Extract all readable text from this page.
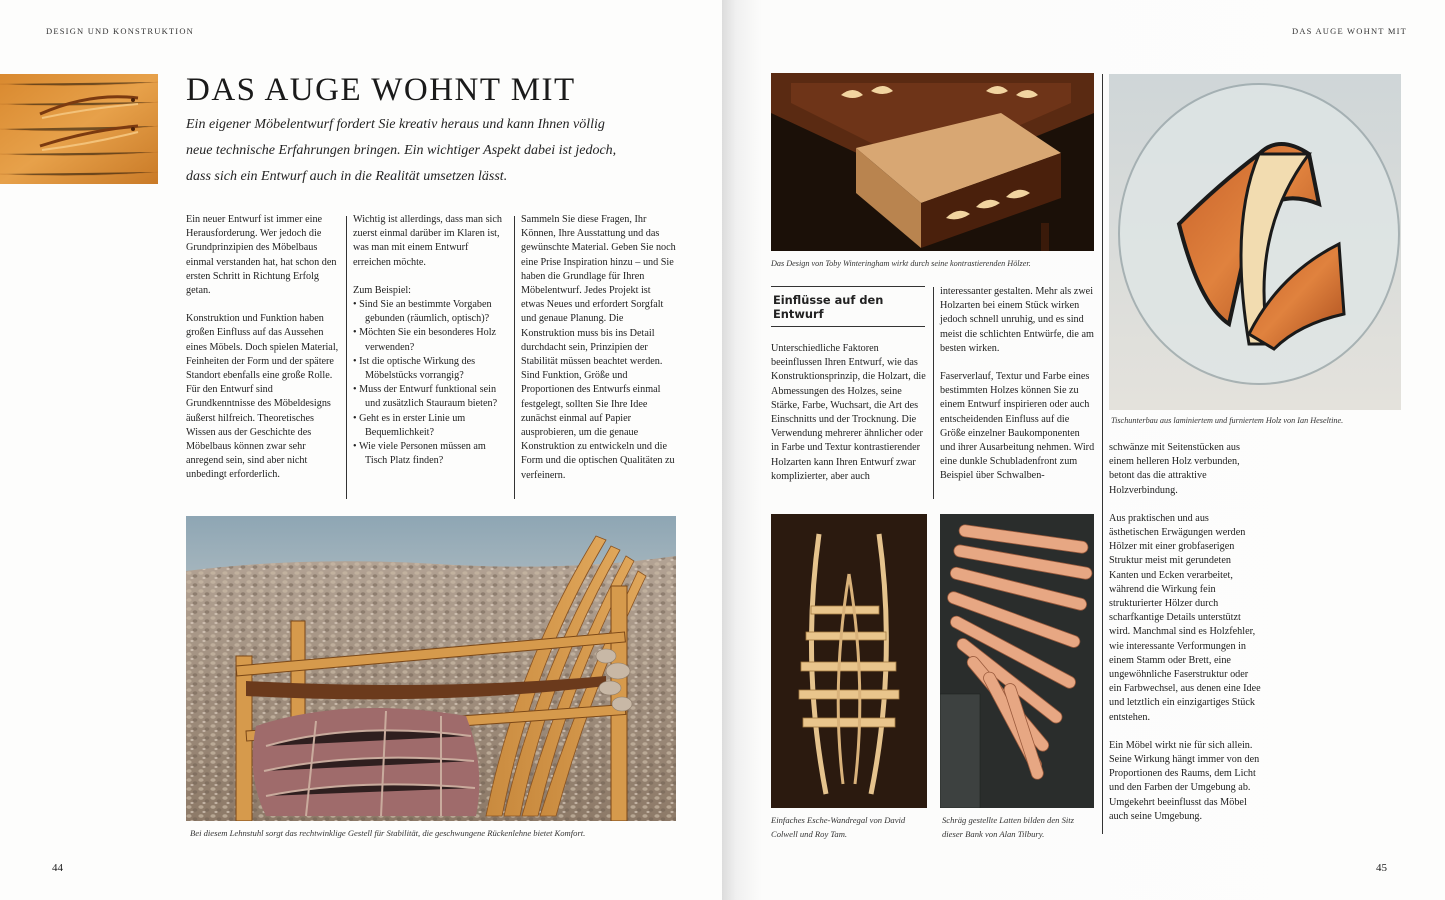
DESIGN UND KONSTRUKTION
DAS AUGE WOHNT MIT
Ein eigener Möbelentwurf fordert Sie kreativ heraus und kann Ihnen völlig
neue technische Erfahrungen bringen. Ein wichtiger Aspekt dabei ist jedoch,
dass sich ein Entwurf auch in die Realität umsetzen lässt.

Ein neuer Entwurf ist immer eine Herausforderung. Wer jedoch die Grundprinzipien des Möbelbaus einmal verstanden hat, hat schon den ersten Schritt in Richtung Erfolg getan.

Konstruktion und Funktion haben großen Einfluss auf das Aussehen eines Möbels. Doch spielen Material, Feinheiten der Form und der spätere Standort ebenfalls eine große Rolle. Für den Entwurf sind Grundkenntnisse des Möbeldesigns äußerst hilfreich. Theoretisches Wissen aus der Geschichte des Möbelbaus können zwar sehr anregend sein, sind aber nicht unbedingt erforderlich.

Wichtig ist allerdings, dass man sich zuerst einmal darüber im Klaren ist, was man mit einem Entwurf erreichen möchte.

Zum Beispiel:
• Sind Sie an bestimmte Vorgaben gebunden (räumlich, optisch)?
• Möchten Sie ein besonderes Holz verwenden?
• Ist die optische Wirkung des Möbelstücks vorrangig?
• Muss der Entwurf funktional sein und zusätzlich Stauraum bieten?
• Geht es in erster Linie um Bequemlichkeit?
• Wie viele Personen müssen am Tisch Platz finden?

Sammeln Sie diese Fragen, Ihr Können, Ihre Ausstattung und das gewünschte Material. Geben Sie noch eine Prise Inspiration hinzu – und Sie haben die Grundlage für Ihren Möbelentwurf. Jedes Projekt ist etwas Neues und erfordert Sorgfalt und genaue Planung. Die Konstruktion muss bis ins Detail durchdacht sein, Prinzipien der Stabilität müssen beachtet werden. Sind Funktion, Größe und Proportionen des Entwurfs einmal festgelegt, sollten Sie Ihre Idee zunächst einmal auf Papier ausprobieren, um die genaue Konstruktion zu entwickeln und die Form und die optischen Qualitäten zu verfeinern.

Bei diesem Lehnstuhl sorgt das rechtwinklige Gestell für Stabilität, die geschwungene Rückenlehne bietet Komfort.
44
DAS AUGE WOHNT MIT
Das Design von Toby Winteringham wirkt durch seine kontrastierenden Hölzer.
Tischunterbau aus laminiertem und furniertem Holz von Ian Heseltine.
Einflüsse auf den Entwurf

Unterschiedliche Faktoren beeinflussen Ihren Entwurf, wie das Konstruktionsprinzip, die Holzart, die Abmessungen des Holzes, seine Stärke, Farbe, Wuchsart, die Art des Einschnitts und der Trocknung. Die Verwendung mehrerer ähnlicher oder in Farbe und Textur kontrastierender Holzarten kann Ihren Entwurf zwar komplizierter, aber auch

interessanter gestalten. Mehr als zwei Holzarten bei einem Stück wirken jedoch schnell unruhig, und es sind meist die schlichten Entwürfe, die am besten wirken.

Faserverlauf, Textur und Farbe eines bestimmten Holzes können Sie zu einem Entwurf inspirieren oder auch entscheidenden Einfluss auf die Größe einzelner Baukomponenten und ihrer Ausarbeitung nehmen. Wird eine dunkle Schubladenfront zum Beispiel über Schwalben-

schwänze mit Seitenstücken aus einem helleren Holz verbunden, betont das die attraktive Holzverbindung.

Aus praktischen und aus ästhetischen Erwägungen werden Hölzer mit einer grobfaserigen Struktur meist mit gerundeten Kanten und Ecken verarbeitet, während die Wirkung fein strukturierter Hölzer durch scharfkantige Details unterstützt wird. Manchmal sind es Holzfehler, wie interessante Verformungen in einem Stamm oder Brett, eine ungewöhnliche Faserstruktur oder ein Farbwechsel, aus denen eine Idee und letztlich ein einzigartiges Stück entstehen.

Ein Möbel wirkt nie für sich allein. Seine Wirkung hängt immer von den Proportionen des Raums, dem Licht und den Farben der Umgebung ab. Umgekehrt beeinflusst das Möbel auch seine Umgebung.

Einfaches Esche-Wandregal von David Colwell und Roy Tam.
Schräg gestellte Latten bilden den Sitz dieser Bank von Alan Tilbury.
45
